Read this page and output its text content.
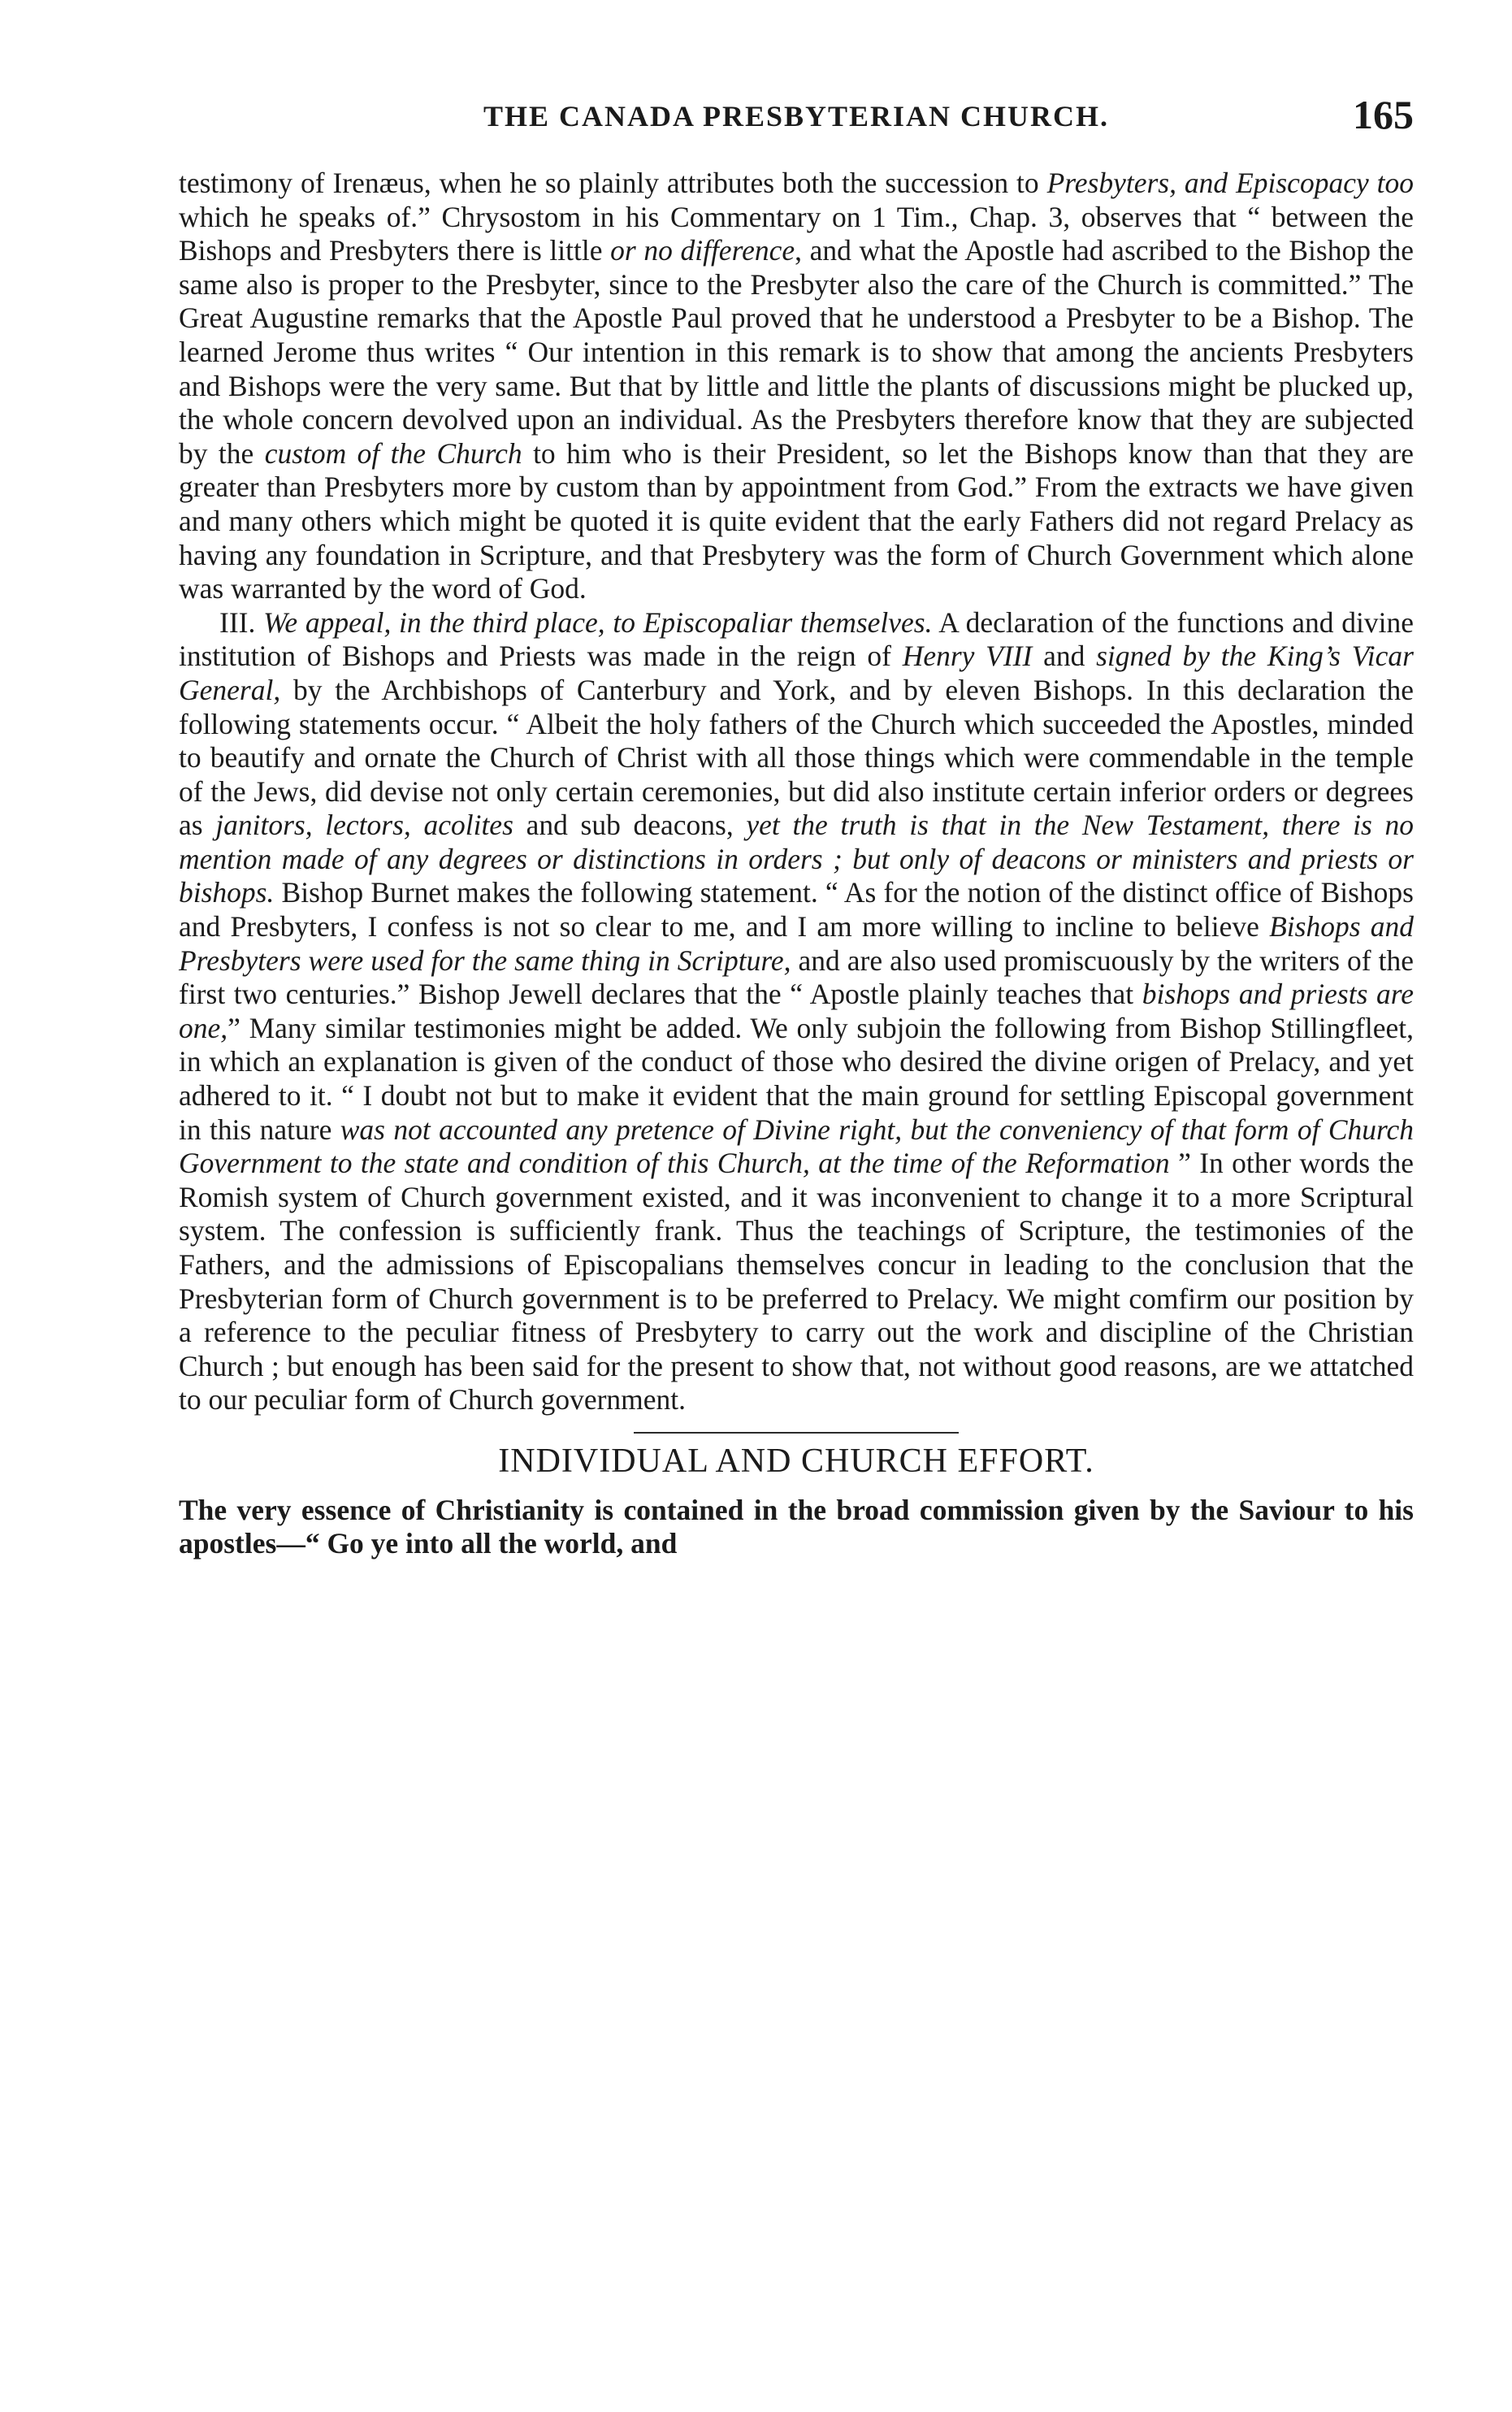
THE CANADA PRESBYTERIAN CHURCH.	165

testimony of Irenæus, when he so plainly attributes both the succession to Presbyters, and Episcopacy too which he speaks of.” Chrysostom in his Commentary on 1 Tim., Chap. 3, observes that “ between the Bishops and Presbyters there is little or no difference, and what the Apostle had ascribed to the Bishop the same also is proper to the Presbyter, since to the Presbyter also the care of the Church is committed.” The Great Augustine remarks that the Apostle Paul proved that he understood a Presbyter to be a Bishop. The learned Jerome thus writes “ Our intention in this remark is to show that among the ancients Presbyters and Bishops were the very same. But that by little and little the plants of discussions might be plucked up, the whole concern devolved upon an individual. As the Presbyters therefore know that they are subjected by the custom of the Church to him who is their President, so let the Bishops know than that they are greater than Presbyters more by custom than by appointment from God.” From the extracts we have given and many others which might be quoted it is quite evident that the early Fathers did not regard Prelacy as having any foundation in Scripture, and that Presbytery was the form of Church Government which alone was warranted by the word of God.

III. We appeal, in the third place, to Episcopaliar themselves. A declaration of the functions and divine institution of Bishops and Priests was made in the reign of Henry VIII and signed by the King’s Vicar General, by the Archbishops of Canterbury and York, and by eleven Bishops. In this declaration the following statements occur. “ Albeit the holy fathers of the Church which succeeded the Apostles, minded to beautify and ornate the Church of Christ with all those things which were commendable in the temple of the Jews, did devise not only certain ceremonies, but did also institute certain inferior orders or degrees as janitors, lectors, acolites and sub deacons, yet the truth is that in the New Testament, there is no mention made of any degrees or distinctions in orders ; but only of deacons or ministers and priests or bishops. Bishop Burnet makes the following statement. “ As for the notion of the distinct office of Bishops and Presbyters, I confess is not so clear to me, and I am more willing to incline to believe Bishops and Presbyters were used for the same thing in Scripture, and are also used promiscuously by the writers of the first two centuries.” Bishop Jewell declares that the “ Apostle plainly teaches that bishops and priests are one,” Many similar testimonies might be added. We only subjoin the following from Bishop Stillingfleet, in which an explanation is given of the conduct of those who desired the divine origen of Prelacy, and yet adhered to it. “ I doubt not but to make it evident that the main ground for settling Episcopal government in this nature was not accounted any pretence of Divine right, but the conveniency of that form of Church Government to the state and condition of this Church, at the time of the Reformation ” In other words the Romish system of Church government existed, and it was inconvenient to change it to a more Scriptural system. The confession is sufficiently frank. Thus the teachings of Scripture, the testimonies of the Fathers, and the admissions of Episcopalians themselves concur in leading to the conclusion that the Presbyterian form of Church government is to be preferred to Prelacy. We might comfirm our position by a reference to the peculiar fitness of Presbytery to carry out the work and discipline of the Christian Church ; but enough has been said for the present to show that, not without good reasons, are we attatched to our peculiar form of Church government.

INDIVIDUAL AND CHURCH EFFORT.

The very essence of Christianity is contained in the broad commission given by the Saviour to his apostles—“ Go ye into all the world, and
